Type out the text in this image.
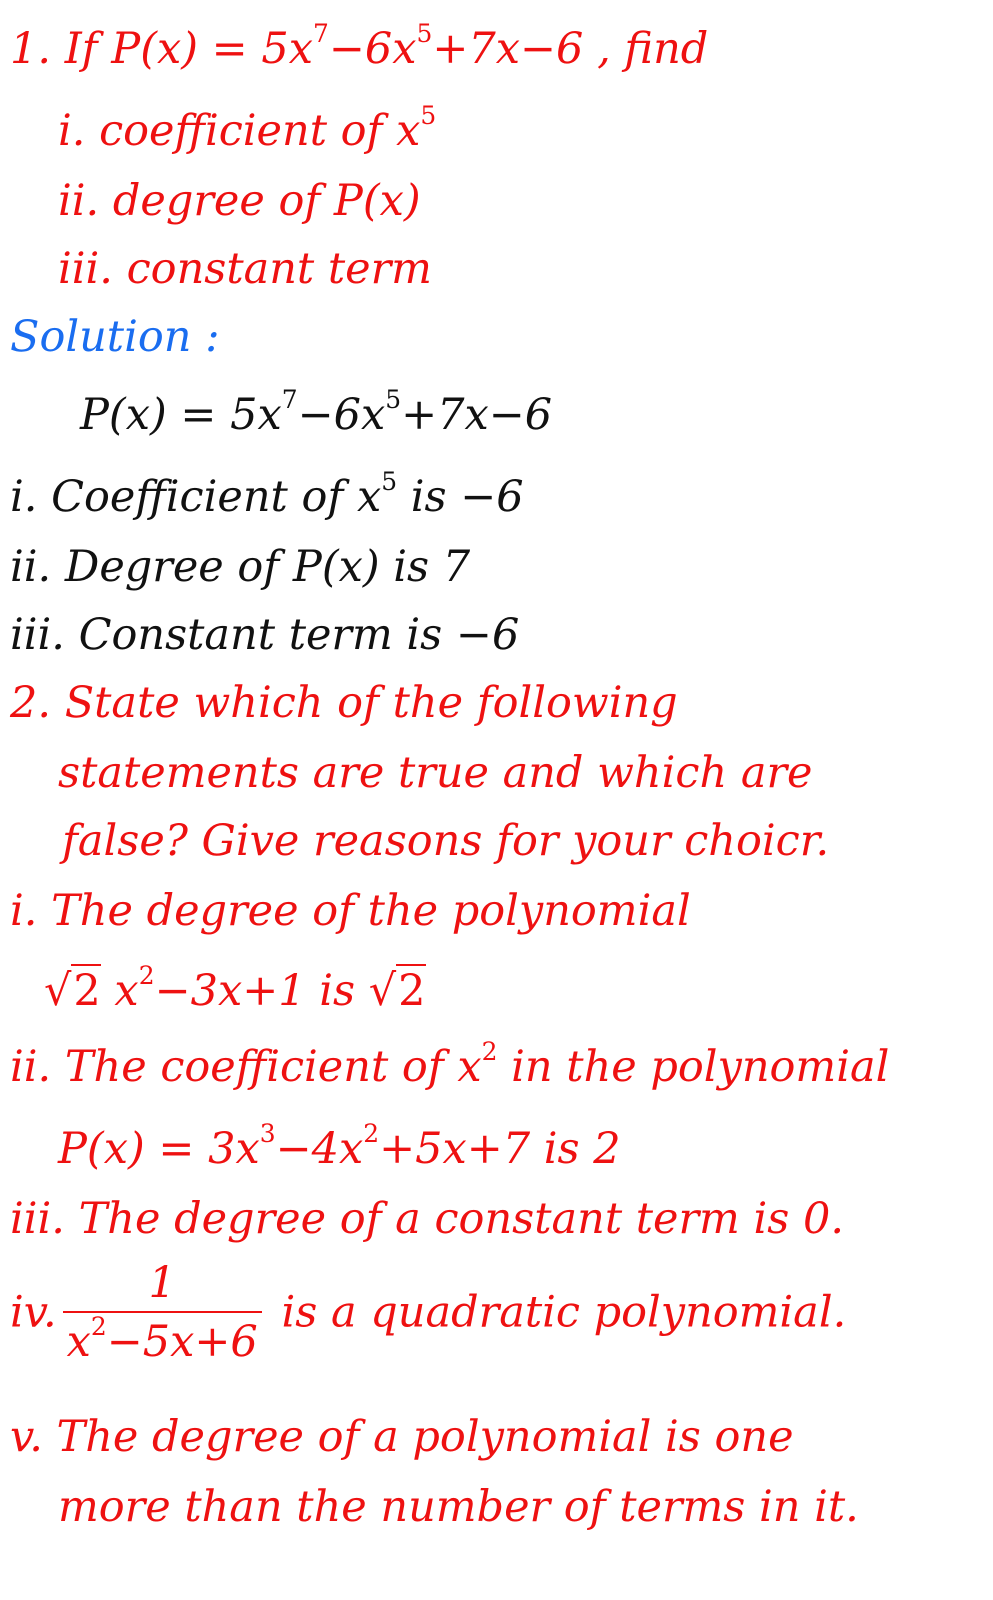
1. If $P(x) = 5x^7-6x^5+7x-6$ , find
i. coefficient of $x^5$
ii. degree of P(x)
iii. constant term
Solution :
$P(x) = 5x^7-6x^5+7x-6$
i. Coefficient of $x^5$ is −6
ii. Degree of P(x) is 7
iii. Constant term is −6
2. State which of the following
statements are true and which are
false? Give reasons for your choicr.
i. The degree of the polynomial
√2 $x^2-3x+1$ is √2
ii. The coefficient of $x^2$ in the polynomial
$P(x) = 3x^3-4x^2+5x+7$ is 2
iii. The degree of a constant term is 0.
iv. $\frac{1}{x^2-5x+6}$ is a quadratic polynomial.
v. The degree of a polynomial is one
more than the number of terms in it.
